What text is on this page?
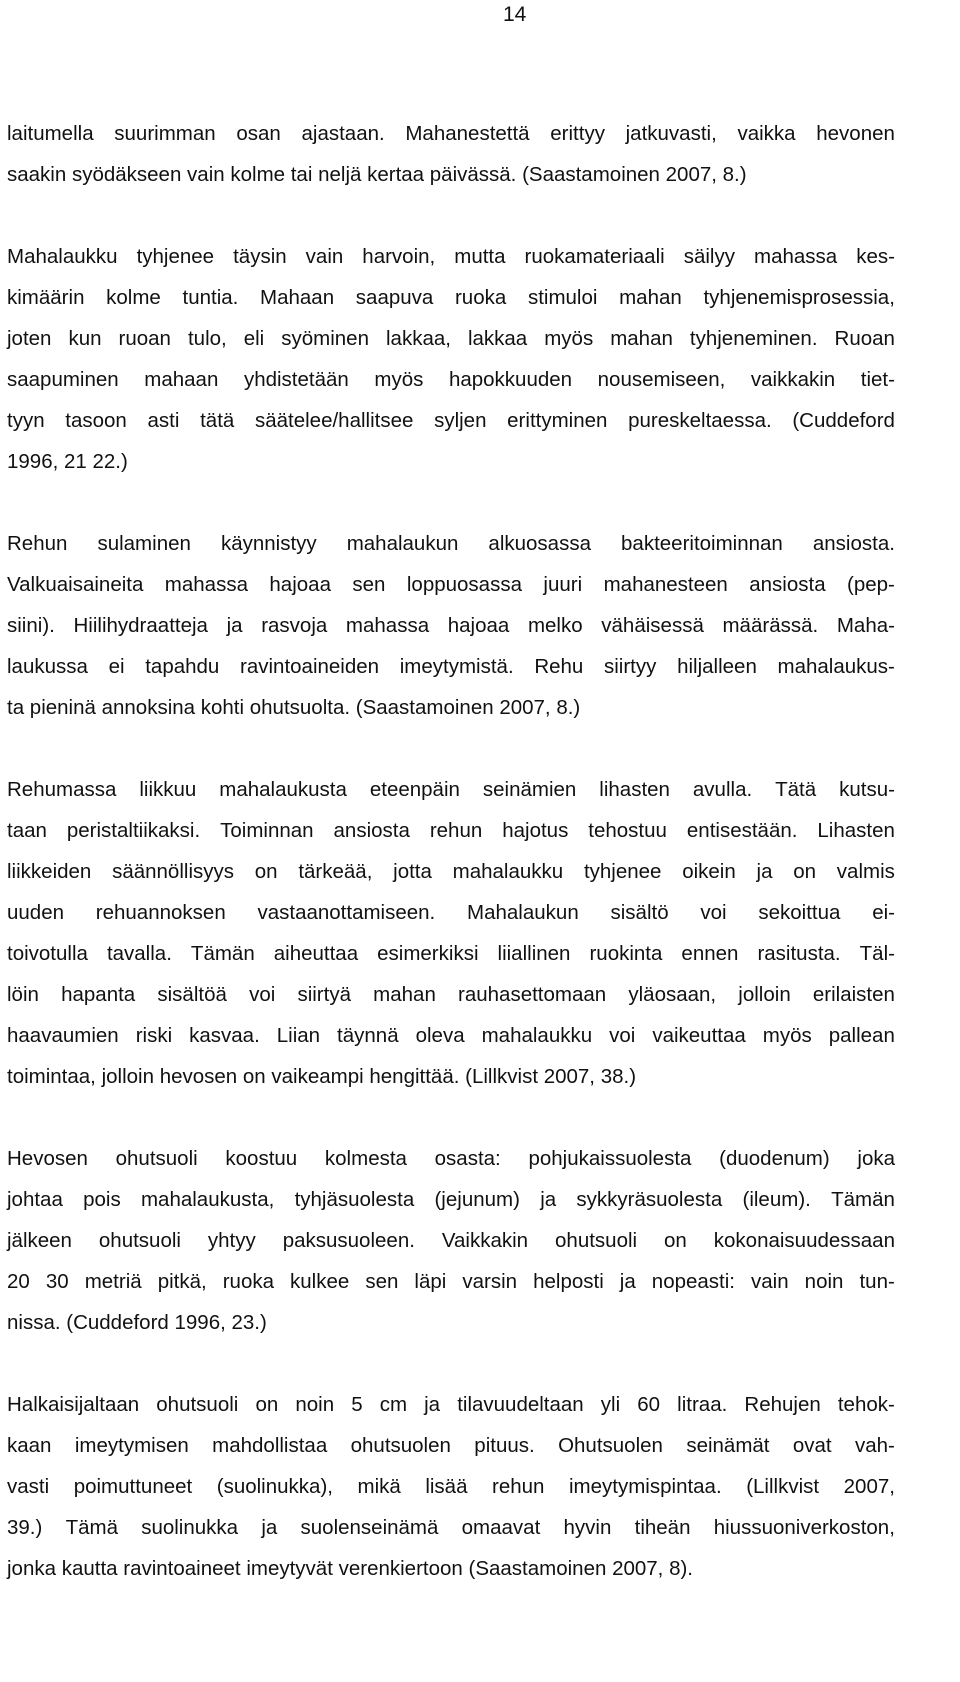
14
laitumella suurimman osan ajastaan. Mahanestettä erittyy jatkuvasti, vaikka hevonen
saakin syödäkseen vain kolme tai neljä kertaa päivässä. (Saastamoinen 2007, 8.)
Mahalaukku tyhjenee täysin vain harvoin, mutta ruokamateriaali säilyy mahassa kes-
kimäärin kolme tuntia. Mahaan saapuva ruoka stimuloi mahan tyhjenemisprosessia,
joten kun ruoan tulo, eli syöminen lakkaa, lakkaa myös mahan tyhjeneminen. Ruoan
saapuminen mahaan yhdistetään myös hapokkuuden nousemiseen, vaikkakin tiet-
tyyn tasoon asti tätä säätelee/hallitsee syljen erittyminen pureskeltaessa. (Cuddeford
1996, 21 22.)
Rehun sulaminen käynnistyy mahalaukun alkuosassa bakteeritoiminnan ansiosta.
Valkuaisaineita mahassa hajoaa sen loppuosassa juuri mahanesteen ansiosta (pep-
siini). Hiilihydraatteja ja rasvoja mahassa hajoaa melko vähäisessä määrässä. Maha-
laukussa ei tapahdu ravintoaineiden imeytymistä. Rehu siirtyy hiljalleen mahalaukus-
ta pieninä annoksina kohti ohutsuolta. (Saastamoinen 2007, 8.)
Rehumassa liikkuu mahalaukusta eteenpäin seinämien lihasten avulla. Tätä kutsu-
taan peristaltiikaksi. Toiminnan ansiosta rehun hajotus tehostuu entisestään. Lihasten
liikkeiden säännöllisyys on tärkeää, jotta mahalaukku tyhjenee oikein ja on valmis
uuden rehuannoksen vastaanottamiseen. Mahalaukun sisältö voi sekoittua ei-
toivotulla tavalla. Tämän aiheuttaa esimerkiksi liiallinen ruokinta ennen rasitusta. Täl-
löin hapanta sisältöä voi siirtyä mahan rauhasettomaan yläosaan, jolloin erilaisten
haavaumien riski kasvaa. Liian täynnä oleva mahalaukku voi vaikeuttaa myös pallean
toimintaa, jolloin hevosen on vaikeampi hengittää. (Lillkvist 2007, 38.)
Hevosen ohutsuoli koostuu kolmesta osasta: pohjukaissuolesta (duodenum) joka
johtaa pois mahalaukusta, tyhjäsuolesta (jejunum) ja sykkyräsuolesta (ileum). Tämän
jälkeen ohutsuoli yhtyy paksusuoleen. Vaikkakin ohutsuoli on kokonaisuudessaan
20 30 metriä pitkä, ruoka kulkee sen läpi varsin helposti ja nopeasti: vain noin tun-
nissa. (Cuddeford 1996, 23.)
Halkaisijaltaan ohutsuoli on noin 5 cm ja tilavuudeltaan yli 60 litraa. Rehujen tehok-
kaan imeytymisen mahdollistaa ohutsuolen pituus. Ohutsuolen seinämät ovat vah-
vasti poimuttuneet (suolinukka), mikä lisää rehun imeytymispintaa. (Lillkvist 2007,
39.) Tämä suolinukka ja suolenseinämä omaavat hyvin tiheän hiussuoniverkoston,
jonka kautta ravintoaineet imeytyvät verenkiertoon (Saastamoinen 2007, 8).
